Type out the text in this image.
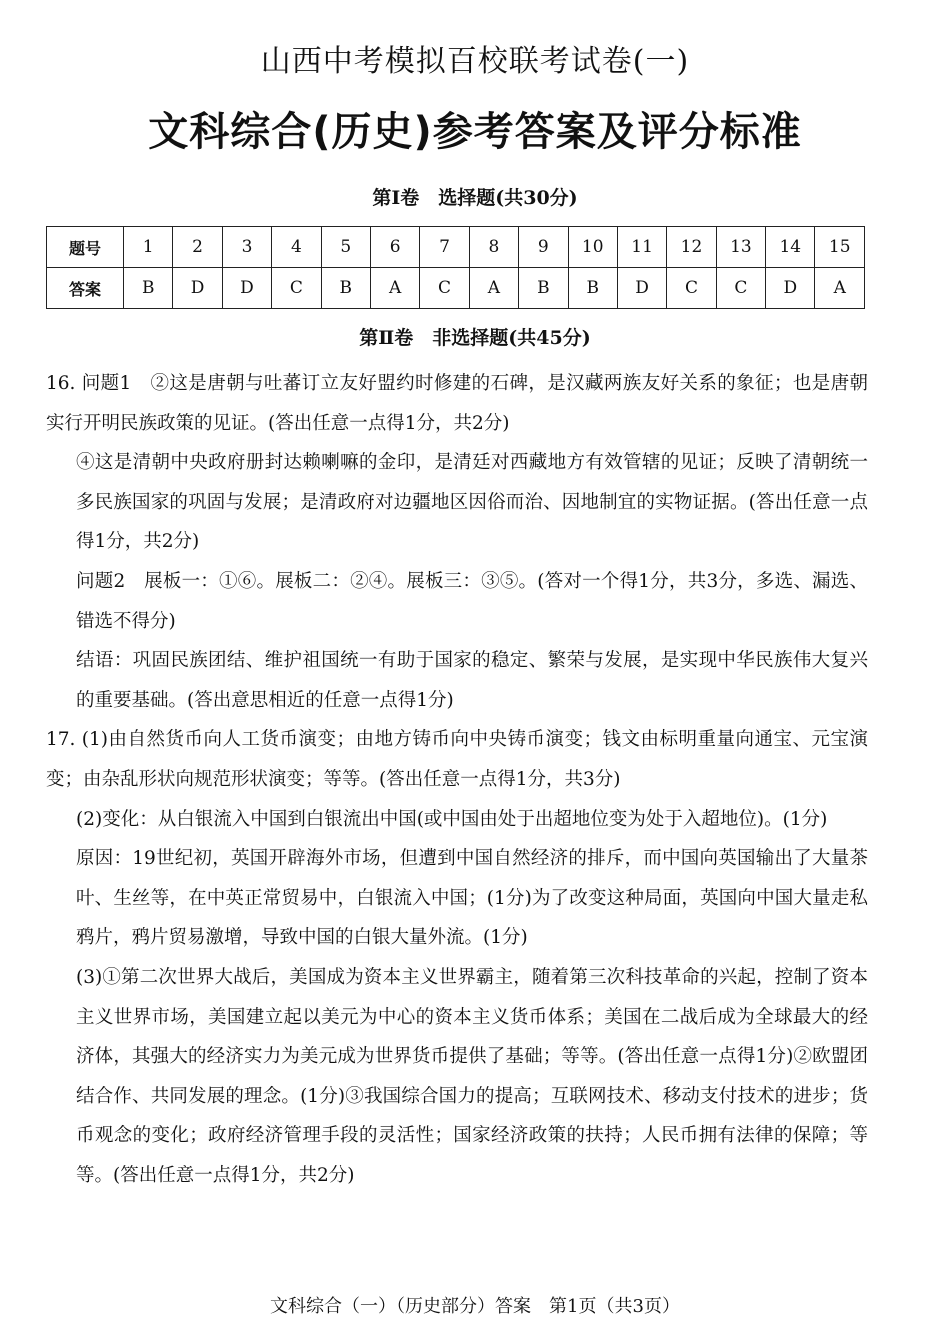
山西中考模拟百校联考试卷(一)
文科综合(历史)参考答案及评分标准
第Ⅰ卷　选择题(共30分)
题号	1	2	3	4	5	6	7	8	9	10	11	12	13	14	15
答案	B	D	D	C	B	A	C	A	B	B	D	C	C	D	A
第Ⅱ卷　非选择题(共45分)

16. 问题1　②这是唐朝与吐蕃订立友好盟约时修建的石碑，是汉藏两族友好关系的象征；也是唐朝实行开明民族政策的见证。(答出任意一点得1分，共2分)

④这是清朝中央政府册封达赖喇嘛的金印，是清廷对西藏地方有效管辖的见证；反映了清朝统一多民族国家的巩固与发展；是清政府对边疆地区因俗而治、因地制宜的实物证据。(答出任意一点得1分，共2分)

问题2　展板一：①⑥。展板二：②④。展板三：③⑤。(答对一个得1分，共3分，多选、漏选、错选不得分)

结语：巩固民族团结、维护祖国统一有助于国家的稳定、繁荣与发展，是实现中华民族伟大复兴的重要基础。(答出意思相近的任意一点得1分)

17. (1)由自然货币向人工货币演变；由地方铸币向中央铸币演变；钱文由标明重量向通宝、元宝演变；由杂乱形状向规范形状演变；等等。(答出任意一点得1分，共3分)

(2)变化：从白银流入中国到白银流出中国(或中国由处于出超地位变为处于入超地位)。(1分)

原因：19世纪初，英国开辟海外市场，但遭到中国自然经济的排斥，而中国向英国输出了大量茶叶、生丝等，在中英正常贸易中，白银流入中国；(1分)为了改变这种局面，英国向中国大量走私鸦片，鸦片贸易激增，导致中国的白银大量外流。(1分)

(3)①第二次世界大战后，美国成为资本主义世界霸主，随着第三次科技革命的兴起，控制了资本主义世界市场，美国建立起以美元为中心的资本主义货币体系；美国在二战后成为全球最大的经济体，其强大的经济实力为美元成为世界货币提供了基础；等等。(答出任意一点得1分)②欧盟团结合作、共同发展的理念。(1分)③我国综合国力的提高；互联网技术、移动支付技术的进步；货币观念的变化；政府经济管理手段的灵活性；国家经济政策的扶持；人民币拥有法律的保障；等等。(答出任意一点得1分，共2分)

文科综合（一）（历史部分）答案　第1页（共3页）
